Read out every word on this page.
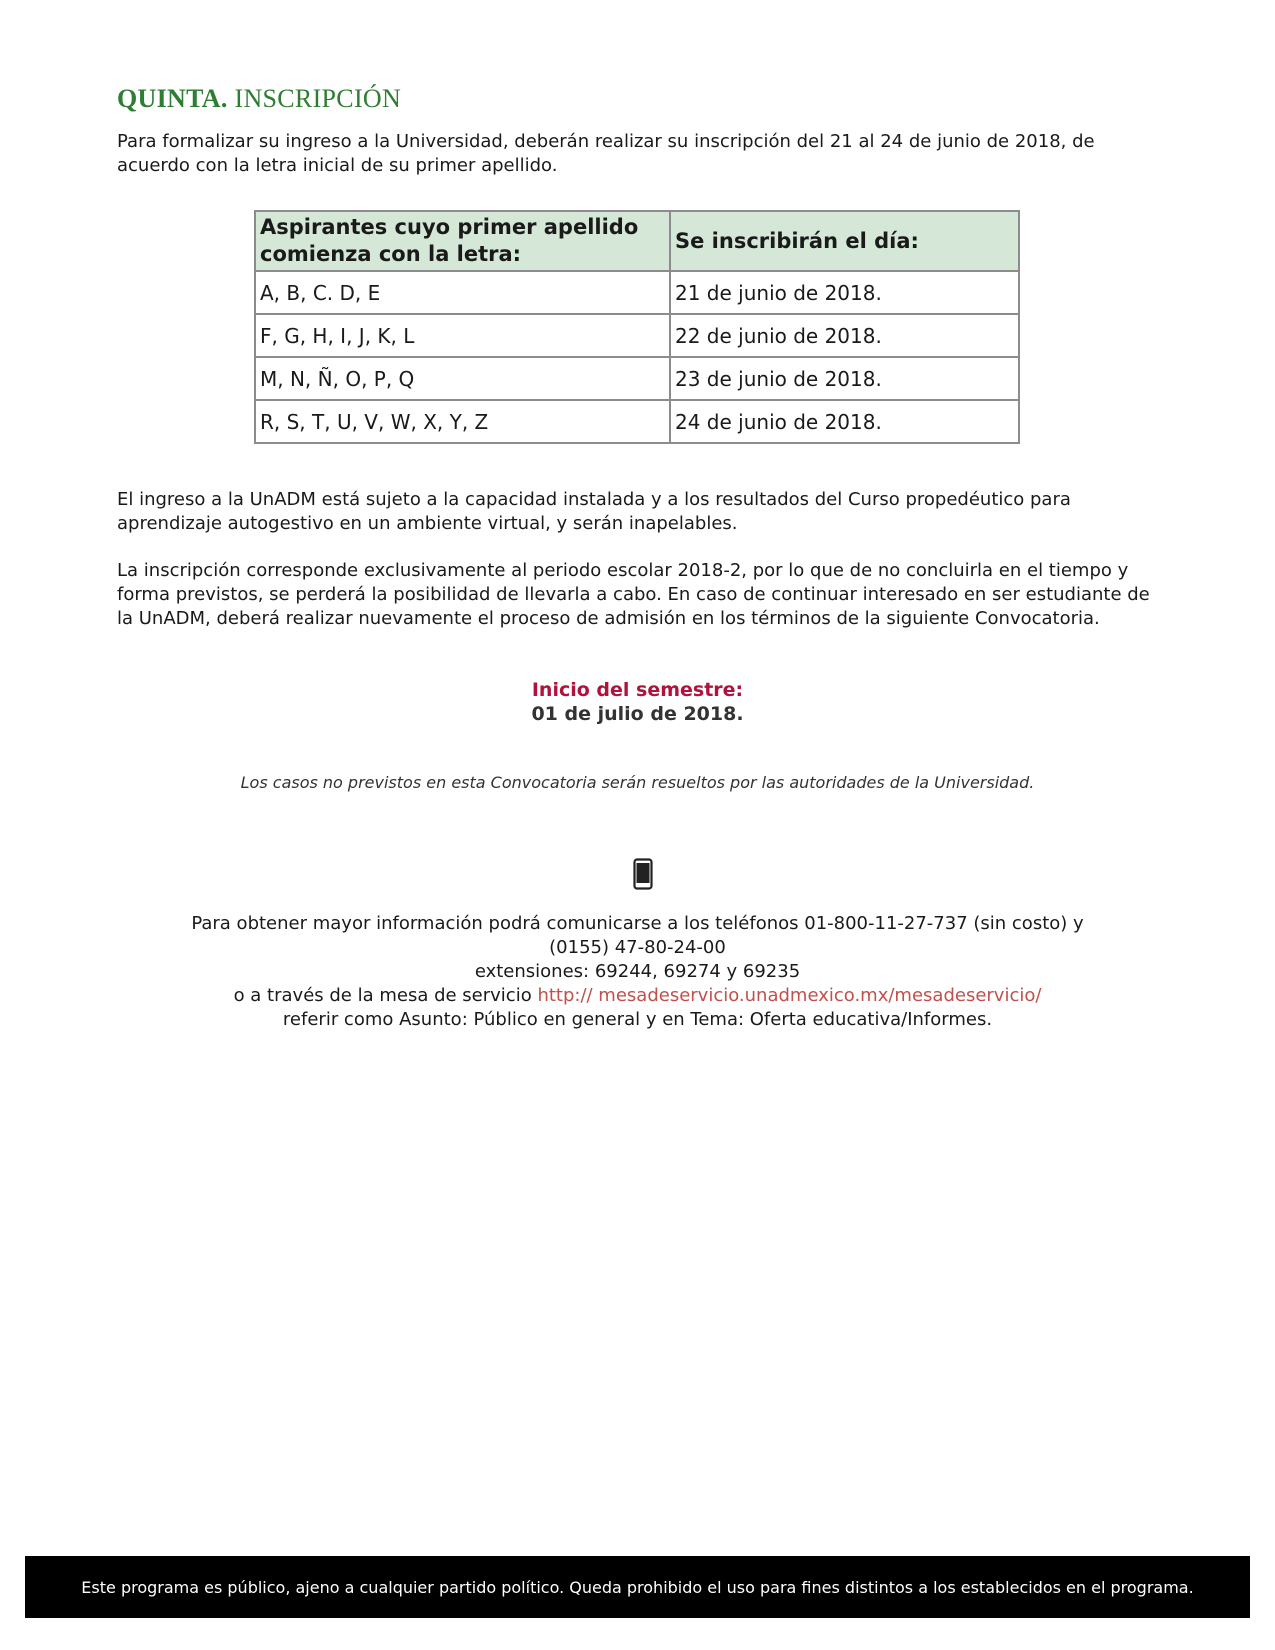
QUINTA. INSCRIPCIÓN

Para formalizar su ingreso a la Universidad, deberán realizar su inscripción del 21 al 24 de junio de 2018, de acuerdo con la letra inicial de su primer apellido.

Aspirantes cuyo primer apellido comienza con la letra:	Se inscribirán el día:
A, B, C. D, E	21 de junio de 2018.
F, G, H, I, J, K, L	22 de junio de 2018.
M, N, Ñ, O, P, Q	23 de junio de 2018.
R, S, T, U, V, W, X, Y, Z	24 de junio de 2018.

El ingreso a la UnADM está sujeto a la capacidad instalada y a los resultados del Curso propedéutico para aprendizaje autogestivo en un ambiente virtual, y serán inapelables.

La inscripción corresponde exclusivamente al periodo escolar 2018-2, por lo que de no concluirla en el tiempo y forma previstos, se perderá la posibilidad de llevarla a cabo. En caso de continuar interesado en ser estudiante de la UnADM, deberá realizar nuevamente el proceso de admisión en los términos de la siguiente Convocatoria.

Inicio del semestre:
01 de julio de 2018.
Los casos no previstos en esta Convocatoria serán resueltos por las autoridades de la Universidad.
Para obtener mayor información podrá comunicarse a los teléfonos 01-800-11-27-737 (sin costo) y (0155) 47-80-24-00
extensiones: 69244, 69274 y 69235
o a través de la mesa de servicio http:// mesadeservicio.unadmexico.mx/mesadeservicio/
referir como Asunto: Público en general y en Tema: Oferta educativa/Informes.
Este programa es público, ajeno a cualquier partido político. Queda prohibido el uso para fines distintos a los establecidos en el programa.
